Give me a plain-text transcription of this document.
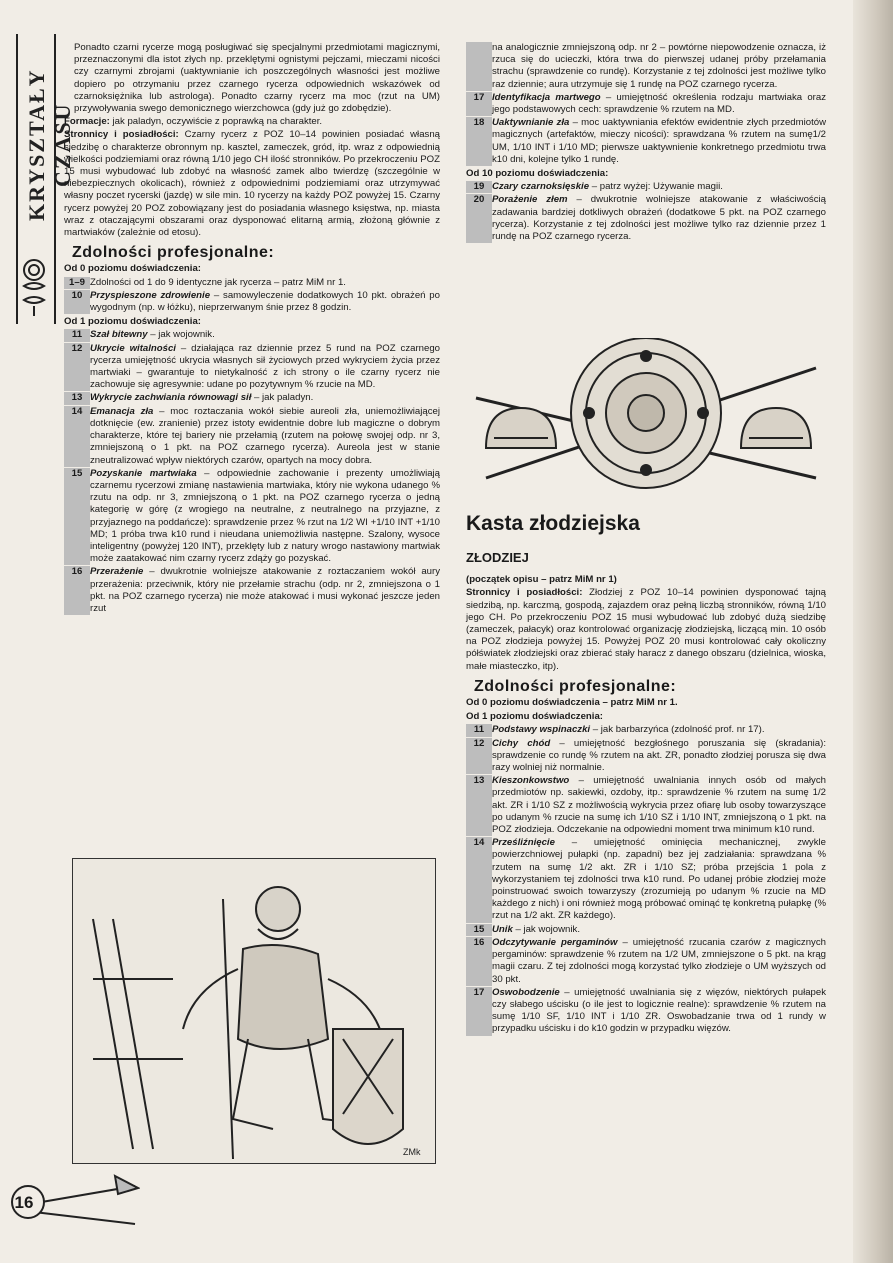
KRYSZTAŁY CZASU

Ponadto czarni rycerze mogą posługiwać się specjalnymi przedmiotami magicznymi, przeznaczonymi dla istot złych np. przeklętymi ognistymi pejczami, mieczami nicości czy czarnymi zbrojami (uaktywnianie ich poszczególnych własności jest możliwe dopiero po otrzymaniu przez czarnego rycerza odpowiednich wskazówek od czarnoksiężnika lub astrologa). Ponadto czarny rycerz ma moc (rzut na UM) przywoływania swego demonicznego wierzchowca (gdy już go zdobędzie).

Formacje: jak paladyn, oczywiście z poprawką na charakter.

Stronnicy i posiadłości: Czarny rycerz z POZ 10–14 powinien posiadać własną siedzibę o charakterze obronnym np. kasztel, zameczek, gród, itp. wraz z odpowiednią wielkości podziemiami oraz równą 1/10 jego CH ilość stronników. Po przekroczeniu POZ 15 musi wybudować lub zdobyć na własność zamek albo twierdzę (szczególnie w niebezpiecznych okolicach), również z odpowiednimi podziemiami oraz utrzymywać własny poczet rycerski (jazdę) w sile min. 10 rycerzy na każdy POZ powyżej 15. Czarny rycerz powyżej 20 POZ zobowiązany jest do posiadania własnego księstwa, np. miasta wraz z otaczającymi obszarami oraz dysponować elitarną armią, złożoną głównie z martwiaków (zależnie od etosu).

Zdolności profesjonalne:
Od 0 poziomu doświadczenia:
1–9 Zdolności od 1 do 9 identyczne jak rycerza – patrz MiM nr 1.
10 Przyspieszone zdrowienie – samowyleczenie dodatkowych 10 pkt. obrażeń po wygodnym (np. w łóżku), nieprzerwanym śnie przez 8 godzin.
Od 1 poziomu doświadczenia:
11 Szał bitewny – jak wojownik.
12 Ukrycie witalności – działająca raz dziennie przez 5 rund na POZ czarnego rycerza umiejętność ukrycia własnych sił życiowych przed wykryciem życia przez martwiaki – gwarantuje to nietykalność z ich strony o ile czarny rycerz nie zachowuje się agresywnie: udane po pozytywnym % rzucie na MD.
13 Wykrycie zachwiania równowagi sił – jak paladyn.
14 Emanacja zła – moc roztaczania wokół siebie aureoli zła, uniemożliwiającej dotknięcie (ew. zranienie) przez istoty ewidentnie dobre lub magiczne o dobrym charakterze, które tej bariery nie przełamią (rzutem na połowę swojej odp. nr 3, zmniejszoną o 1 pkt. na POZ czarnego rycerza). Aureola jest w stanie zneutralizować wpływ niektórych czarów, opartych na mocy dobra.
15 Pozyskanie martwiaka – odpowiednie zachowanie i prezenty umożliwiają czarnemu rycerzowi zmianę nastawienia martwiaka, który nie wykona udanego % rzutu na odp. nr 3, zmniejszoną o 1 pkt. na POZ czarnego rycerza o jedną kategorię w górę (z wrogiego na neutralne, z neutralnego na przyjazne, z przyjaznego na poddańcze): sprawdzenie przez % rzut na 1/2 WI +1/10 INT +1/10 MD; 1 próba trwa k10 rund i nieudana uniemożliwia następne. Szalony, wysoce inteligentny (powyżej 120 INT), przeklęty lub z natury wrogo nastawiony martwiak może zaatakować nim czarny rycerz zdąży go pozyskać.
16 Przerażenie – dwukrotnie wolniejsze atakowanie z roztaczaniem wokół aury przerażenia: przeciwnik, który nie przełamie strachu (odp. nr 2, zmniejszona o 1 pkt. na POZ czarnego rycerza) nie może atakować i musi wykonać jeszcze jeden rzut
ZMk
na analogicznie zmniejszoną odp. nr 2 – powtórne niepowodzenie oznacza, iż rzuca się do ucieczki, która trwa do pierwszej udanej próby przełamania strachu (sprawdzenie co rundę). Korzystanie z tej zdolności jest możliwe tylko raz dziennie; aura utrzymuje się 1 rundę na POZ czarnego rycerza.
17 Identyfikacja martwego – umiejętność określenia rodzaju martwiaka oraz jego podstawowych cech: sprawdzenie % rzutem na MD.
18 Uaktywnianie zła – moc uaktywniania efektów ewidentnie złych przedmiotów magicznych (artefaktów, mieczy nicości): sprawdzana % rzutem na sumę1/2 UM, 1/10 INT i 1/10 MD; pierwsze uaktywnienie konkretnego przedmiotu trwa k10 dni, kolejne tylko 1 rundę.
Od 10 poziomu doświadczenia:
19 Czary czarnoksięskie – patrz wyżej: Używanie magii.
20 Porażenie złem – dwukrotnie wolniejsze atakowanie z właściwością zadawania bardziej dotkliwych obrażeń (dodatkowe 5 pkt. na POZ czarnego rycerza). Korzystanie z tej zdolności jest możliwe tylko raz dziennie przez 1 rundę na POZ czarnego rycerza.
Kasta złodziejska
ZŁODZIEJ

(początek opisu – patrz MiM nr 1)

Stronnicy i posiadłości: Złodziej z POZ 10–14 powinien dysponować tajną siedzibą, np. karczmą, gospodą, zajazdem oraz pełną liczbą stronników, równą 1/10 jego CH. Po przekroczeniu POZ 15 musi wybudować lub zdobyć dużą siedzibę (zameczek, pałacyk) oraz kontrolować organizację złodziejską, liczącą min. 10 osób na POZ złodzieja powyżej 15. Powyżej POZ 20 musi kontrolować cały okoliczny półświatek złodziejski oraz zbierać stały haracz z danego obszaru (dzielnica, wioska, małe miasteczko, itp).

Zdolności profesjonalne:
Od 0 poziomu doświadczenia – patrz MiM nr 1.
Od 1 poziomu doświadczenia:
11 Podstawy wspinaczki – jak barbarzyńca (zdolność prof. nr 17).
12 Cichy chód – umiejętność bezgłośnego poruszania się (skradania): sprawdzenie co rundę % rzutem na akt. ZR, ponadto złodziej porusza się dwa razy wolniej niż normalnie.
13 Kieszonkowstwo – umiejętność uwalniania innych osób od małych przedmiotów np. sakiewki, ozdoby, itp.: sprawdzenie % rzutem na sumę 1/2 akt. ZR i 1/10 SZ z możliwością wykrycia przez ofiarę lub osoby towarzyszące po udanym % rzucie na sumę ich 1/10 SZ i 1/10 INT, zmniejszoną o 1 pkt. na POZ złodzieja. Odczekanie na odpowiedni moment trwa minimum k10 rund.
14 Prześliźnięcie – umiejętność ominięcia mechanicznej, zwykle powierzchniowej pułapki (np. zapadni) bez jej zadziałania: sprawdzana % rzutem na sumę 1/2 akt. ZR i 1/10 SZ; próba przejścia 1 pola z wykorzystaniem tej zdolności trwa k10 rund. Po udanej próbie złodziej może poinstruować swoich towarzyszy (zrozumieją po udanym % rzucie na MD każdego z nich) i oni również mogą próbować ominąć tę konkretną pułapkę (% rzut na 1/2 akt. ZR każdego).
15 Unik – jak wojownik.
16 Odczytywanie pergaminów – umiejętność rzucania czarów z magicznych pergaminów: sprawdzenie % rzutem na 1/2 UM, zmniejszone o 5 pkt. na krąg magii czaru. Z tej zdolności mogą korzystać tylko złodzieje o UM wyższych od 30 pkt.
17 Oswobodzenie – umiejętność uwalniania się z więzów, niektórych pułapek czy słabego uścisku (o ile jest to logicznie realne): sprawdzenie % rzutem na sumę 1/10 SF, 1/10 INT i 1/10 ZR. Oswobadzanie trwa od 1 rundy w przypadku uścisku i do k10 godzin w przypadku więzów.
16
